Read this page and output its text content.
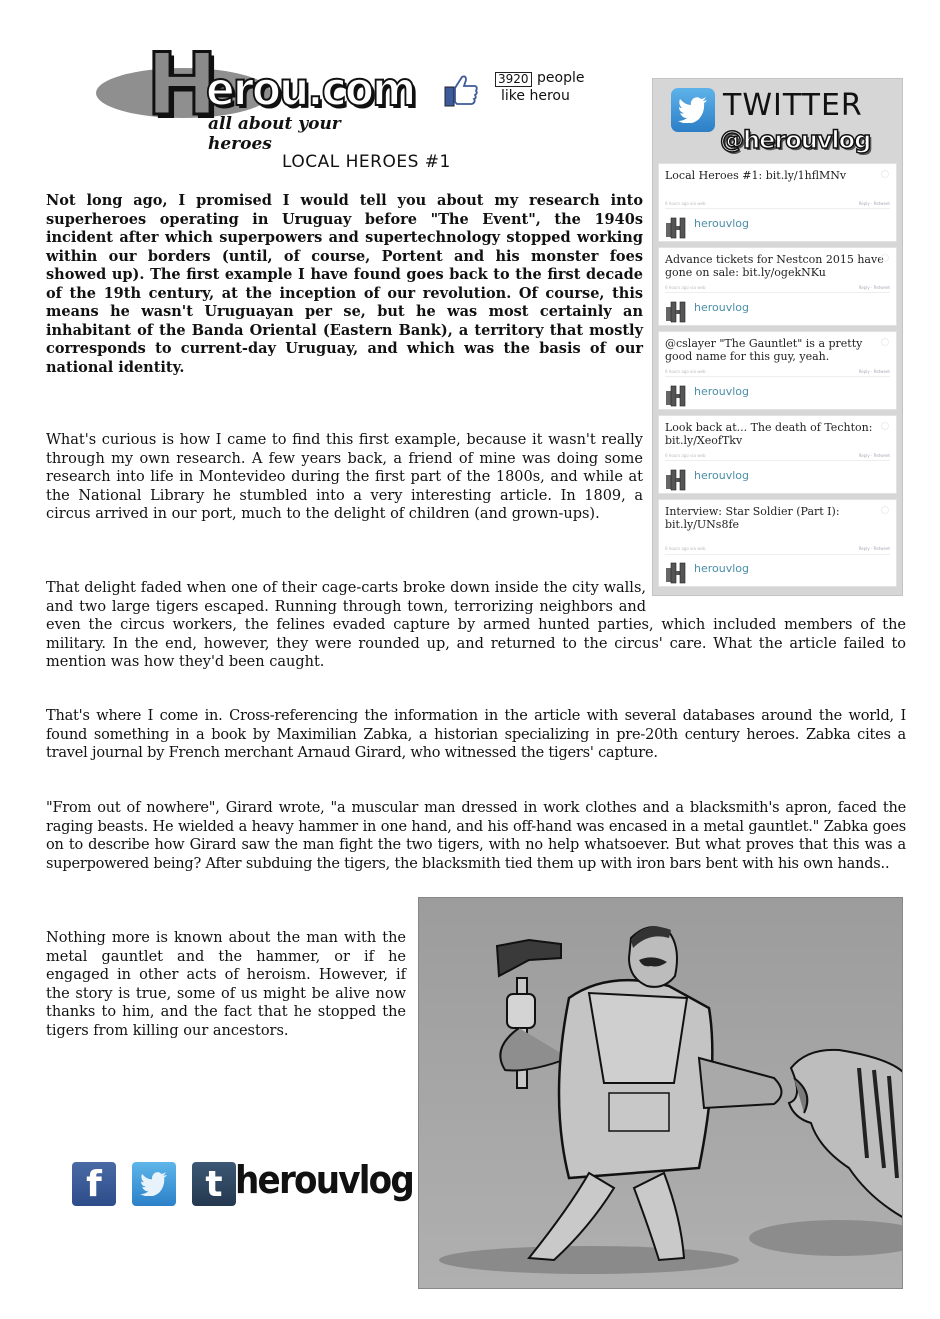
H
erou.com
all about your heroes
3920 people
like herou
LOCAL HEROES #1

Not long ago, I promised I would tell you about my research into superheroes operating in Uruguay before "The Event", the 1940s incident after which superpowers and supertechnology stopped working within our borders (until, of course, Portent and his monster foes showed up). The first example I have found goes back to the first decade of the 19th century, at the inception of our revolution. Of course, this means he wasn't Uruguayan per se, but he was most certainly an inhabitant of the Banda Oriental (Eastern Bank), a territory that mostly corresponds to current-day Uruguay, and which was the basis of our national identity.

What's curious is how I came to find this first example, because it wasn't really through my own research. A few years back, a friend of mine was doing some research into life in Montevideo during the first part of the 1800s, and while at the National Library he stumbled into a very interesting article. In 1809, a circus arrived in our port, much to the delight of children (and grown-ups).

That delight faded when one of their cage-carts broke down inside the city walls, and two large tigers escaped. Running through town, terrorizing neighbors and even the circus workers, the felines evaded capture by armed hunted parties, which included members of the military. In the end, however, they were rounded up, and returned to the circus' care. What the article failed to mention was how they'd been caught.

That's where I come in. Cross-referencing the information in the article with several databases around the world, I found something in a book by Maximilian Zabka, a historian specializing in pre-20th century heroes. Zabka cites a travel journal by French merchant Arnaud Girard, who witnessed the tigers' capture.

"From out of nowhere", Girard wrote, "a muscular man dressed in work clothes and a blacksmith's apron, faced the raging beasts. He wielded a heavy hammer in one hand, and his off-hand was encased in a metal gauntlet." Zabka goes on to describe how Girard saw the man fight the two tigers, with no help whatsoever. But what proves that this was a superpowered being? After subduing the tigers, the blacksmith tied them up with iron bars bent with his own hands..

Nothing more is known about the man with the metal gauntlet and the hammer, or if he engaged in other acts of heroism. However, if the story is true, some of us might be alive now thanks to him, and the fact that he stopped the tigers from killing our ancestors.

TWITTER
@herouvlog
Local Heroes #1: bit.ly/1hflMNv
6 hours ago via web	Reply · Retweet
herouvlog
Advance tickets for Nestcon 2015 have gone on sale: bit.ly/ogekNKu
6 hours ago via web	Reply · Retweet
herouvlog
@cslayer "The Gauntlet" is a pretty good name for this guy, yeah.
6 hours ago via web	Reply · Retweet
herouvlog
Look back at... The death of Techton: bit.ly/XeofTkv
6 hours ago via web	Reply · Retweet
herouvlog
Interview: Star Soldier (Part I): bit.ly/UNs8fe
6 hours ago via web	Reply · Retweet
herouvlog
f	t herouvlog
